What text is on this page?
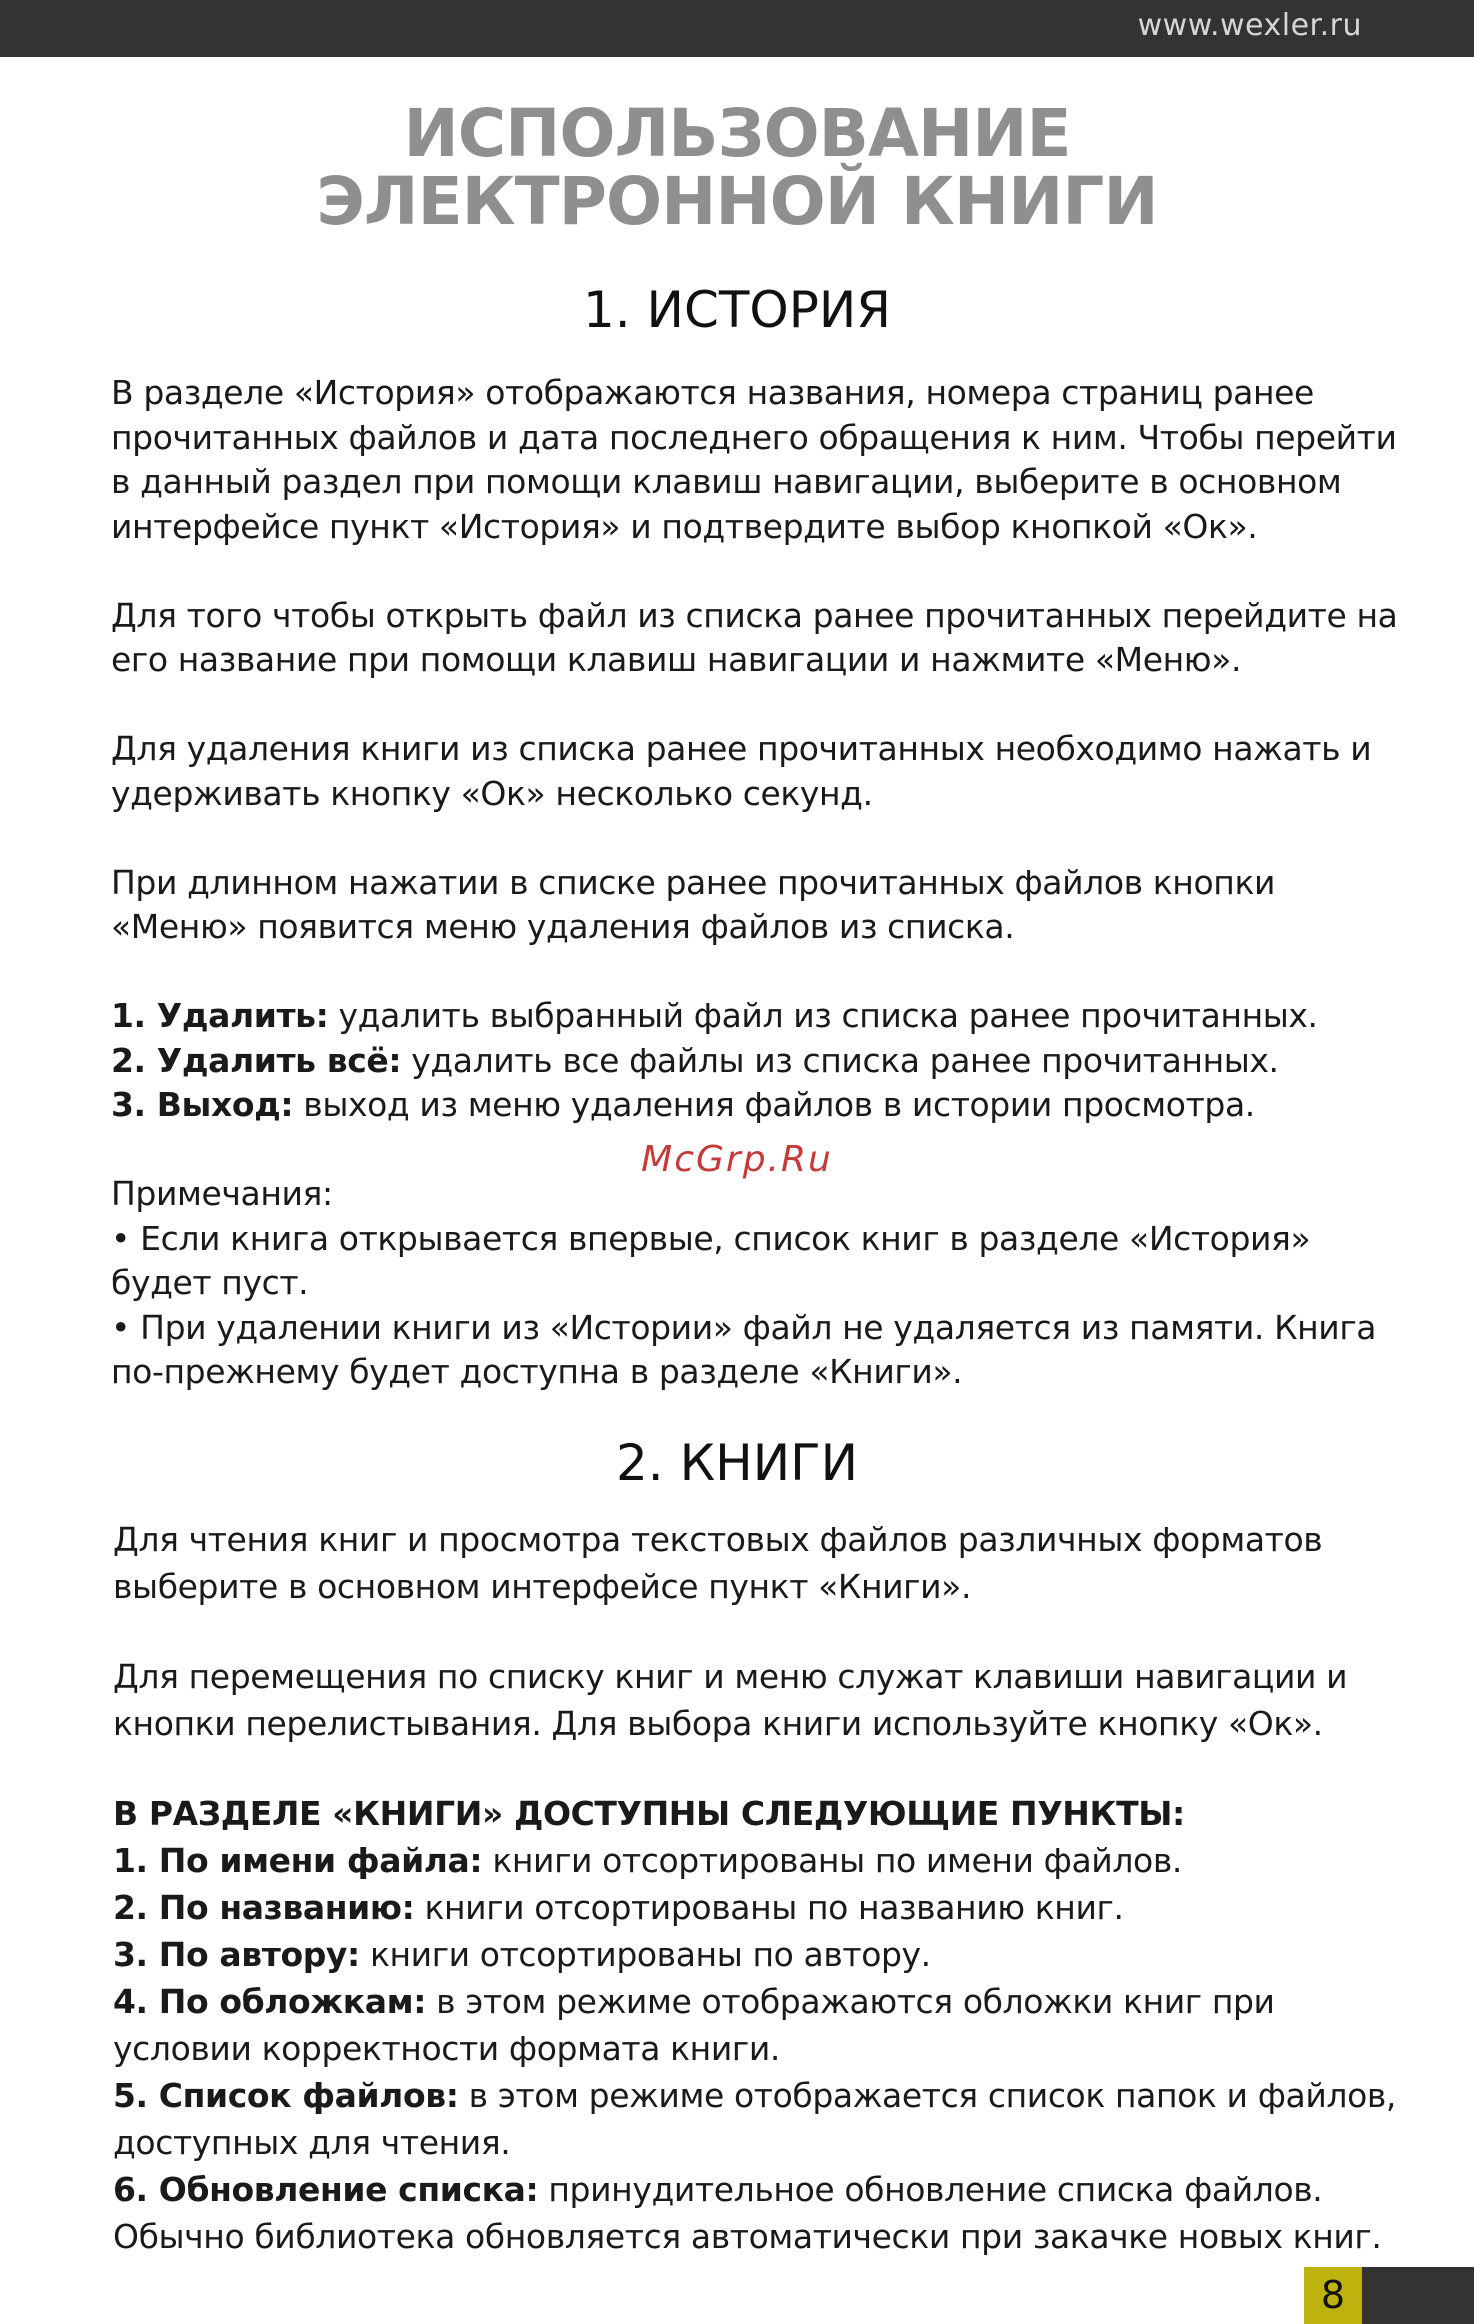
www.wexler.ru
ИСПОЛЬЗОВАНИЕ
ЭЛЕКТРОННОЙ КНИГИ
1. ИСТОРИЯ

В разделе «История» отображаются названия, номера страниц ранее прочитанных файлов и дата последнего обращения к ним. Чтобы перейти в данный раздел при помощи клавиш навигации, выберите в основном интерфейсе пункт «История» и подтвердите выбор кнопкой «Ок».

Для того чтобы открыть файл из списка ранее прочитанных перейдите на его название при помощи клавиш навигации и нажмите «Меню».

Для удаления книги из списка ранее прочитанных необходимо нажать и удерживать кнопку «Ок» несколько секунд.

При длинном нажатии в списке ранее прочитанных файлов кнопки «Меню» появится меню удаления файлов из списка.

1. Удалить: удалить выбранный файл из списка ранее прочитанных.

2. Удалить всё: удалить все файлы из списка ранее прочитанных.

3. Выход: выход из меню удаления файлов в истории просмотра.

Примечания:

• Если книга открывается впервые, список книг в разделе «История» будет пуст.

• При удалении книги из «Истории» файл не удаляется из памяти. Книга по-прежнему будет доступна в разделе «Книги».

McGrp.Ru
2. КНИГИ

Для чтения книг и просмотра текстовых файлов различных форматов выберите в основном интерфейсе пункт «Книги».

Для перемещения по списку книг и меню служат клавиши навигации и кнопки перелистывания. Для выбора книги используйте кнопку «Ок».

В РАЗДЕЛЕ «КНИГИ» ДОСТУПНЫ СЛЕДУЮЩИЕ ПУНКТЫ:

1. По имени файла: книги отсортированы по имени файлов.

2. По названию: книги отсортированы по названию книг.

3. По автору: книги отсортированы по автору.

4. По обложкам: в этом режиме отображаются обложки книг при условии корректности формата книги.

5. Список файлов: в этом режиме отображается список папок и файлов, доступных для чтения.

6. Обновление списка: принудительное обновление списка файлов. Обычно библиотека обновляется автоматически при закачке новых книг.

8
